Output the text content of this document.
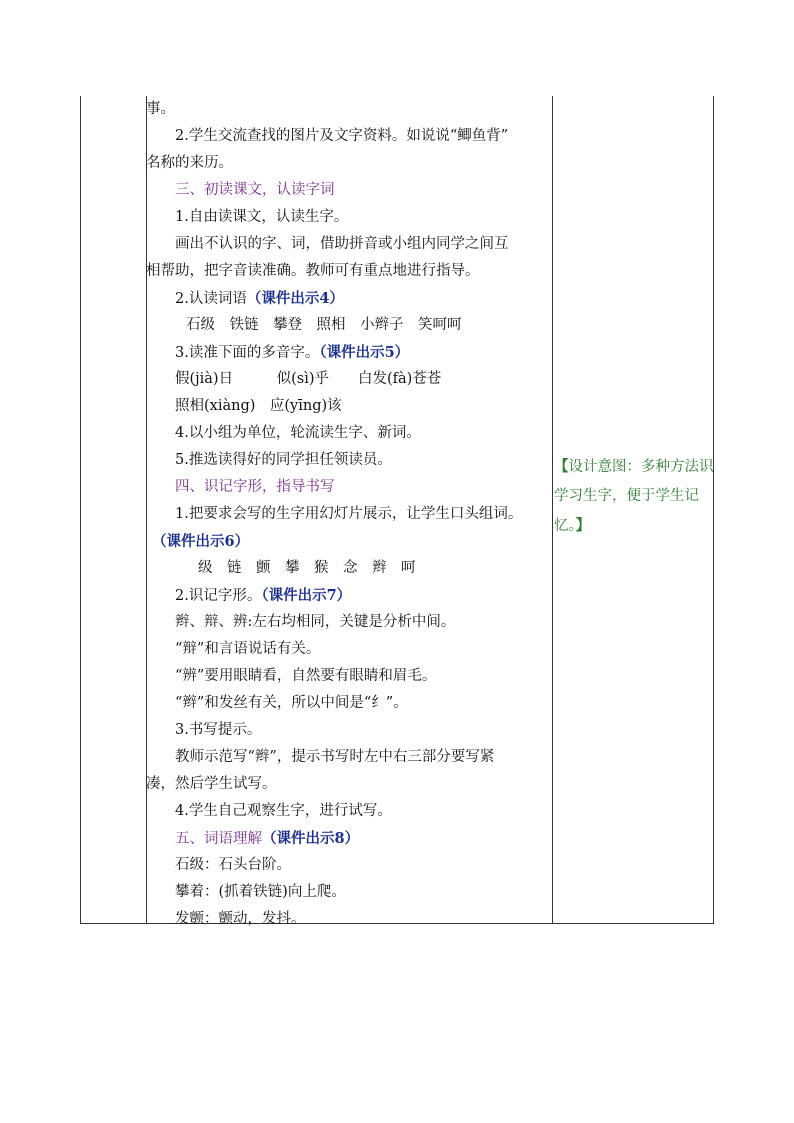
事。
2.学生交流查找的图片及文字资料。如说说“鲫鱼背”
名称的来历。
三、初读课文，认读字词
1.自由读课文，认读生字。
画出不认识的字、词，借助拼音或小组内同学之间互
相帮助，把字音读准确。教师可有重点地进行指导。
2.认读词语（课件出示4）
石级　铁链　攀登　照相　小辫子　笑呵呵
3.读准下面的多音字。（课件出示5）
假(jià)日　　　似(sì)乎　　白发(fà)苍苍
照相(xiàng)　应(yīng)该
4.以小组为单位，轮流读生字、新词。
5.推选读得好的同学担任领读员。
四、识记字形，指导书写
1.把要求会写的生字用幻灯片展示，让学生口头组词。
（课件出示6）
级　链　颤　攀　猴　念　辫　呵
2.识记字形。（课件出示7）
辫、辩、辨:左右均相同，关键是分析中间。
“辩”和言语说话有关。
“辨”要用眼睛看，自然要有眼睛和眉毛。
“辫”和发丝有关，所以中间是“纟”。
3.书写提示。
教师示范写“辫”，提示书写时左中右三部分要写紧
凑，然后学生试写。
4.学生自己观察生字，进行试写。
五、词语理解（课件出示8）
石级：石头台阶。
攀着：(抓着铁链)向上爬。
发颤：颤动，发抖。
【设计意图：多种方法识学习生字，便于学生记忆。】
